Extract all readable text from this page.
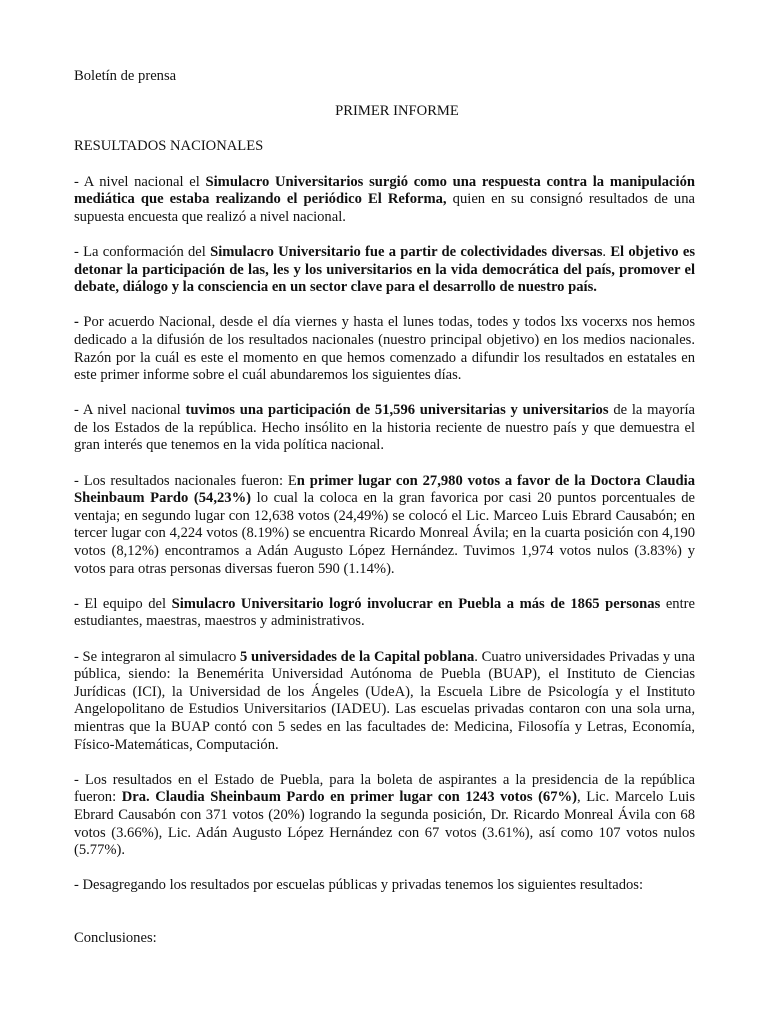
Boletín de prensa

PRIMER INFORME

RESULTADOS NACIONALES

- A nivel nacional el Simulacro Universitarios surgió como una respuesta contra la manipulación mediática que estaba realizando el periódico El Reforma, quien en su consignó resultados de una supuesta encuesta que realizó a nivel nacional.

- La conformación del Simulacro Universitario fue a partir de colectividades diversas. El objetivo es detonar la participación de las, les y los universitarios en la vida democrática del país, promover el debate, diálogo y la consciencia en un sector clave para el desarrollo de nuestro país.

- Por acuerdo Nacional, desde el día viernes y hasta el lunes todas, todes y todos lxs vocerxs nos hemos dedicado a la difusión de los resultados nacionales (nuestro principal objetivo) en los medios nacionales. Razón por la cuál es este el momento en que hemos comenzado a difundir los resultados en estatales en este primer informe sobre el cuál abundaremos los siguientes días.

- A nivel nacional tuvimos una participación de 51,596 universitarias y universitarios de la mayoría de los Estados de la república. Hecho insólito en la historia reciente de nuestro país y que demuestra el gran interés que tenemos en la vida política nacional.

- Los resultados nacionales fueron: En primer lugar con 27,980 votos a favor de la Doctora Claudia Sheinbaum Pardo (54,23%) lo cual la coloca en la gran favorica por casi 20 puntos porcentuales de ventaja; en segundo lugar con 12,638 votos (24,49%) se colocó el Lic. Marceo Luis Ebrard Causabón; en tercer lugar con 4,224 votos (8.19%) se encuentra Ricardo Monreal Ávila; en la cuarta posición con 4,190 votos (8,12%) encontramos a Adán Augusto López Hernández. Tuvimos 1,974 votos nulos (3.83%) y votos para otras personas diversas fueron 590 (1.14%).

- El equipo del Simulacro Universitario logró involucrar en Puebla a más de 1865 personas entre estudiantes, maestras, maestros y administrativos.

- Se integraron al simulacro 5 universidades de la Capital poblana. Cuatro universidades Privadas y una pública, siendo: la Benemérita Universidad Autónoma de Puebla (BUAP), el Instituto de Ciencias Jurídicas (ICI), la Universidad de los Ángeles (UdeA), la Escuela Libre de Psicología y el Instituto Angelopolitano de Estudios Universitarios (IADEU). Las escuelas privadas contaron con una sola urna, mientras que la BUAP contó con 5 sedes en las facultades de: Medicina, Filosofía y Letras, Economía, Físico-Matemáticas, Computación.

- Los resultados en el Estado de Puebla, para la boleta de aspirantes a la presidencia de la república fueron: Dra. Claudia Sheinbaum Pardo en primer lugar con 1243 votos (67%), Lic. Marcelo Luis Ebrard Causabón con 371 votos (20%) logrando la segunda posición, Dr. Ricardo Monreal Ávila con 68 votos (3.66%), Lic. Adán Augusto López Hernández con 67 votos (3.61%), así como 107 votos nulos (5.77%).

- Desagregando los resultados por escuelas públicas y privadas tenemos los siguientes resultados:

Conclusiones:
